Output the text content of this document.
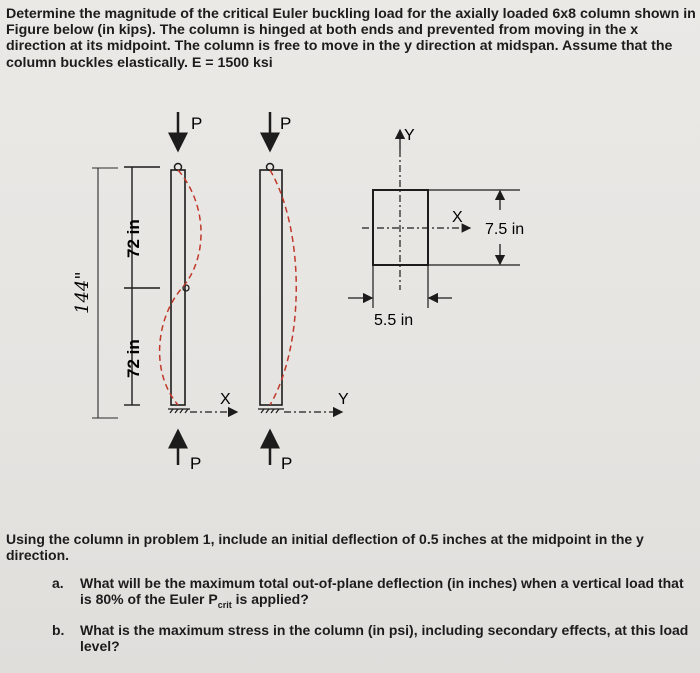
Determine the magnitude of the critical Euler buckling load for the axially loaded 6x8 column shown in Figure below (in kips). The column is hinged at both ends and prevented from moving in the x direction at its midpoint. The column is free to move in the y direction at midspan. Assume that the column buckles elastically. E = 1500 ksi

P
X
P
72 in
72 in
144"
P
Y
P
Y
X
7.5 in
5.5 in

Using the column in problem 1, include an initial deflection of 0.5 inches at the midpoint in the y direction.

a. What will be the maximum total out-of-plane deflection (in inches) when a vertical load that is 80% of the Euler $P_{crit}$ is applied?
b. What is the maximum stress in the column (in psi), including secondary effects, at this load level?
